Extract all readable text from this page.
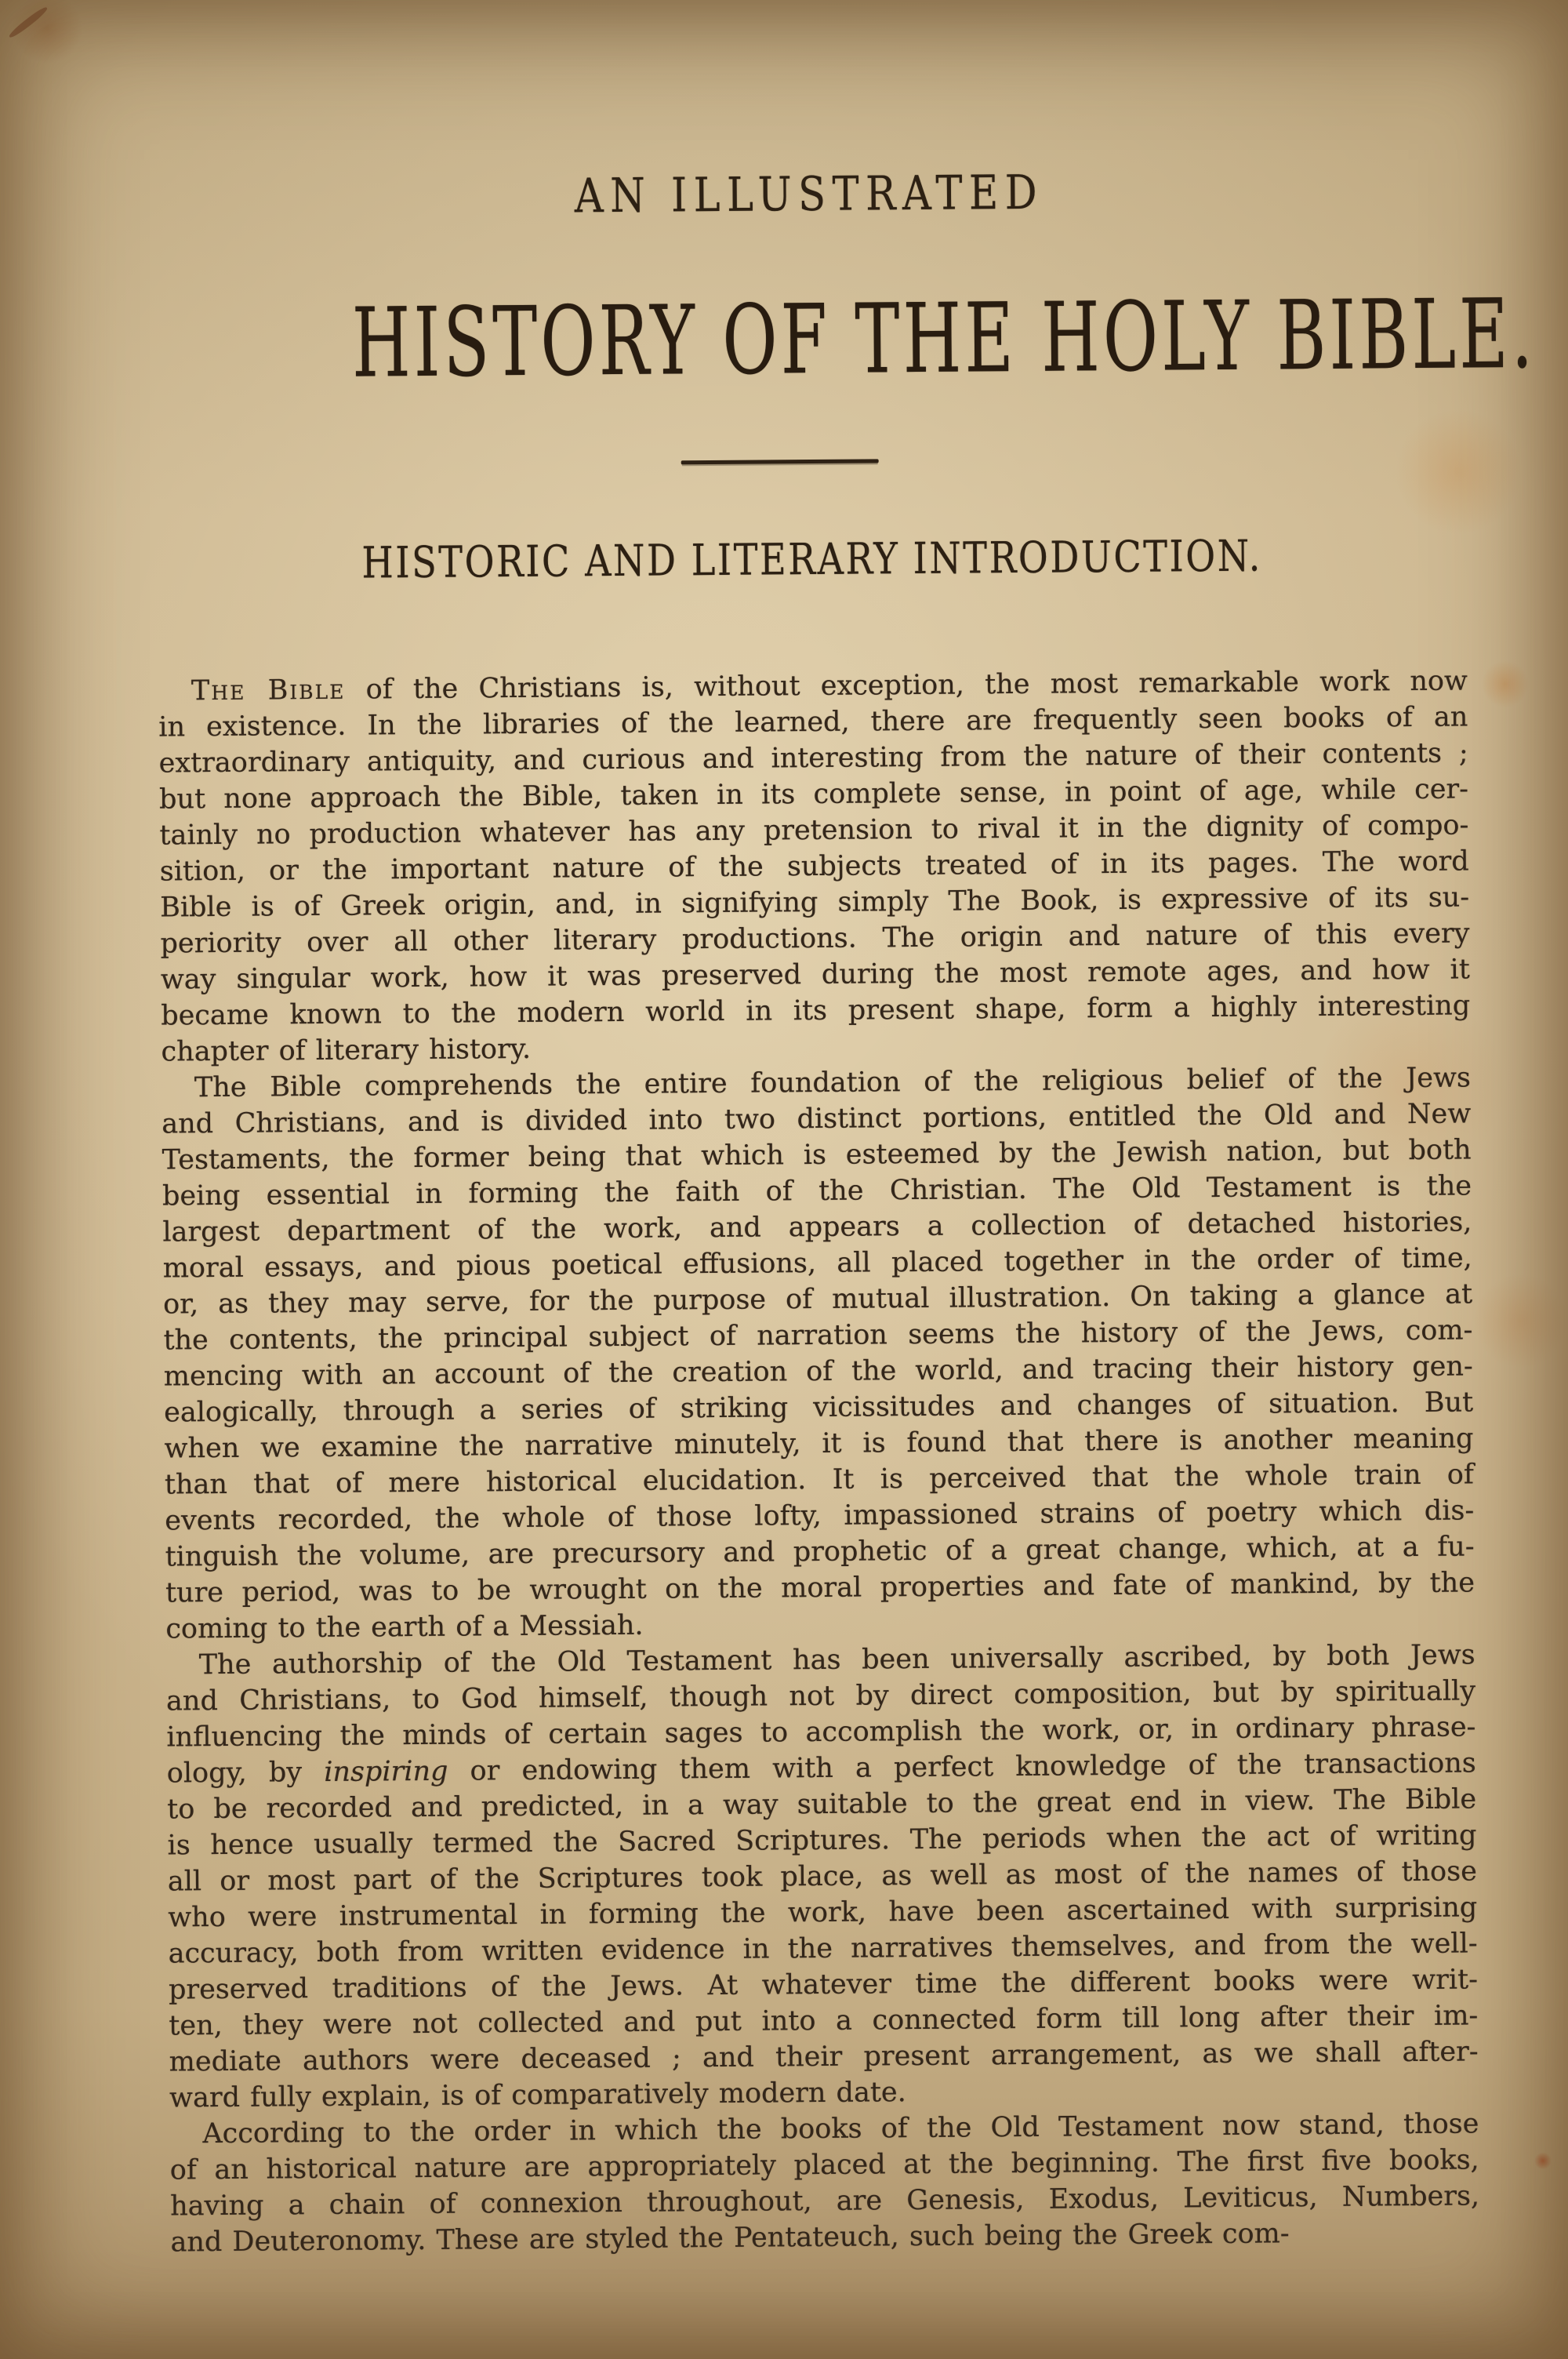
AN ILLUSTRATED
HISTORY OF THE HOLY BIBLE.
HISTORIC AND LITERARY INTRODUCTION.
The Bible of the Christians is, without exception, the most remarkable work now
in existence. In the libraries of the learned, there are frequently seen books of an
extraordinary antiquity, and curious and interesting from the nature of their contents ;
but none approach the Bible, taken in its complete sense, in point of age, while cer-
tainly no production whatever has any pretension to rival it in the dignity of compo-
sition, or the important nature of the subjects treated of in its pages. The word
Bible is of Greek origin, and, in signifying simply The Book, is expressive of its su-
periority over all other literary productions. The origin and nature of this every
way singular work, how it was preserved during the most remote ages, and how it
became known to the modern world in its present shape, form a highly interesting
chapter of literary history.
The Bible comprehends the entire foundation of the religious belief of the Jews
and Christians, and is divided into two distinct portions, entitled the Old and New
Testaments, the former being that which is esteemed by the Jewish nation, but both
being essential in forming the faith of the Christian. The Old Testament is the
largest department of the work, and appears a collection of detached histories,
moral essays, and pious poetical effusions, all placed together in the order of time,
or, as they may serve, for the purpose of mutual illustration. On taking a glance at
the contents, the principal subject of narration seems the history of the Jews, com-
mencing with an account of the creation of the world, and tracing their history gen-
ealogically, through a series of striking vicissitudes and changes of situation. But
when we examine the narrative minutely, it is found that there is another meaning
than that of mere historical elucidation. It is perceived that the whole train of
events recorded, the whole of those lofty, impassioned strains of poetry which dis-
tinguish the volume, are precursory and prophetic of a great change, which, at a fu-
ture period, was to be wrought on the moral properties and fate of mankind, by the
coming to the earth of a Messiah.
The authorship of the Old Testament has been universally ascribed, by both Jews
and Christians, to God himself, though not by direct composition, but by spiritually
influencing the minds of certain sages to accomplish the work, or, in ordinary phrase-
ology, by inspiring or endowing them with a perfect knowledge of the transactions
to be recorded and predicted, in a way suitable to the great end in view. The Bible
is hence usually termed the Sacred Scriptures. The periods when the act of writing
all or most part of the Scriptures took place, as well as most of the names of those
who were instrumental in forming the work, have been ascertained with surprising
accuracy, both from written evidence in the narratives themselves, and from the well-
preserved traditions of the Jews. At whatever time the different books were writ-
ten, they were not collected and put into a connected form till long after their im-
mediate authors were deceased ; and their present arrangement, as we shall after-
ward fully explain, is of comparatively modern date.
According to the order in which the books of the Old Testament now stand, those
of an historical nature are appropriately placed at the beginning. The first five books,
having a chain of connexion throughout, are Genesis, Exodus, Leviticus, Numbers,
and Deuteronomy. These are styled the Pentateuch, such being the Greek com-
